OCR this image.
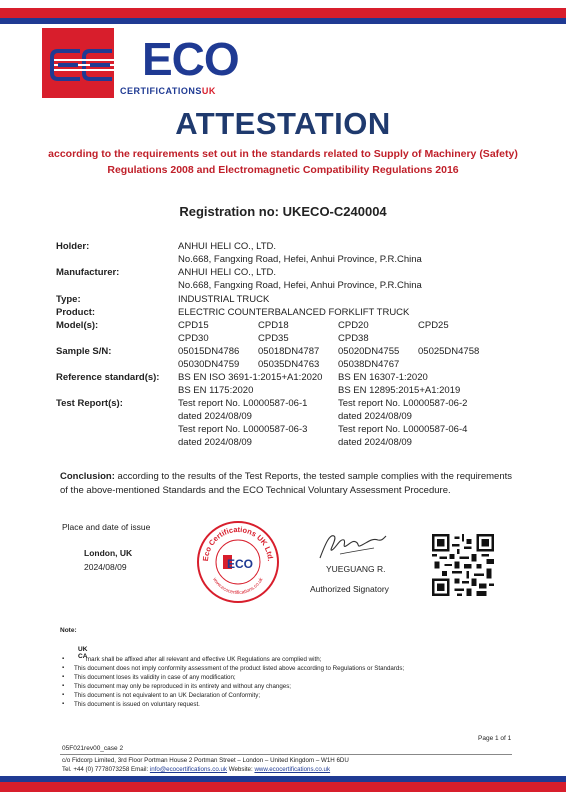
ECO
CERTIFICATIONSUK
ATTESTATION
according to the requirements set out in the standards related to Supply of Machinery (Safety)
Regulations 2008 and Electromagnetic Compatibility Regulations 2016
Registration no: UKECO-C240004
Holder:	ANHUI HELI CO., LTD.
No.668, Fangxing Road, Hefei, Anhui Province, P.R.China
Manufacturer:	ANHUI HELI CO., LTD.
No.668, Fangxing Road, Hefei, Anhui Province, P.R.China
Type:	INDUSTRIAL TRUCK
Product:	ELECTRIC COUNTERBALANCED FORKLIFT TRUCK
Model(s):	CPD15	CPD18	CPD20	CPD25
CPD30	CPD35	CPD38
Sample S/N:	05015DN4786 05018DN4787 05020DN4755 05025DN4758
05030DN4759 05035DN4763 05038DN4767
Reference standard(s):	BS EN ISO 3691-1:2015+A1:2020 BS EN 16307-1:2020
BS EN 1175:2020	BS EN 12895:2015+A1:2019
Test Report(s):	Test report No. L0000587-06-1
dated 2024/08/09
Test report No. L0000587-06-2
dated 2024/08/09
Test report No. L0000587-06-3
dated 2024/08/09
Test report No. L0000587-06-4
dated 2024/08/09
Conclusion: according to the results of the Test Reports, the tested sample complies with the requirements of the above-mentioned Standards and the ECO Technical Voluntary Assessment Procedure.
Place and date of issue
London, UK
2024/08/09
Eco Certifications UK Ltd.
www.ecocertifications.co.uk
ECO	YUEGUANG R.
Authorized Signatory
Note:
UK
CA
▪ mark shall be affixed after all relevant and effective UK Regulations are complied with;
▪ This document does not imply conformity assessment of the product listed above according to Regulations or Standards;
▪ This document loses its validity in case of any modification;
▪ This document may only be reproduced in its entirety and without any changes;
▪ This document is not equivalent to an UK Declaration of Conformity;
▪ This document is issued on voluntary request.
Page 1 of 1
05F021rev00_case 2
c/o Fidcorp Limited, 3rd Floor Portman House 2 Portman Street – London – United Kingdom – W1H 6DU
Tel. +44 (0) 7778073258 Email: info@ecocertifications.co.uk Website: www.ecocertifications.co.uk
